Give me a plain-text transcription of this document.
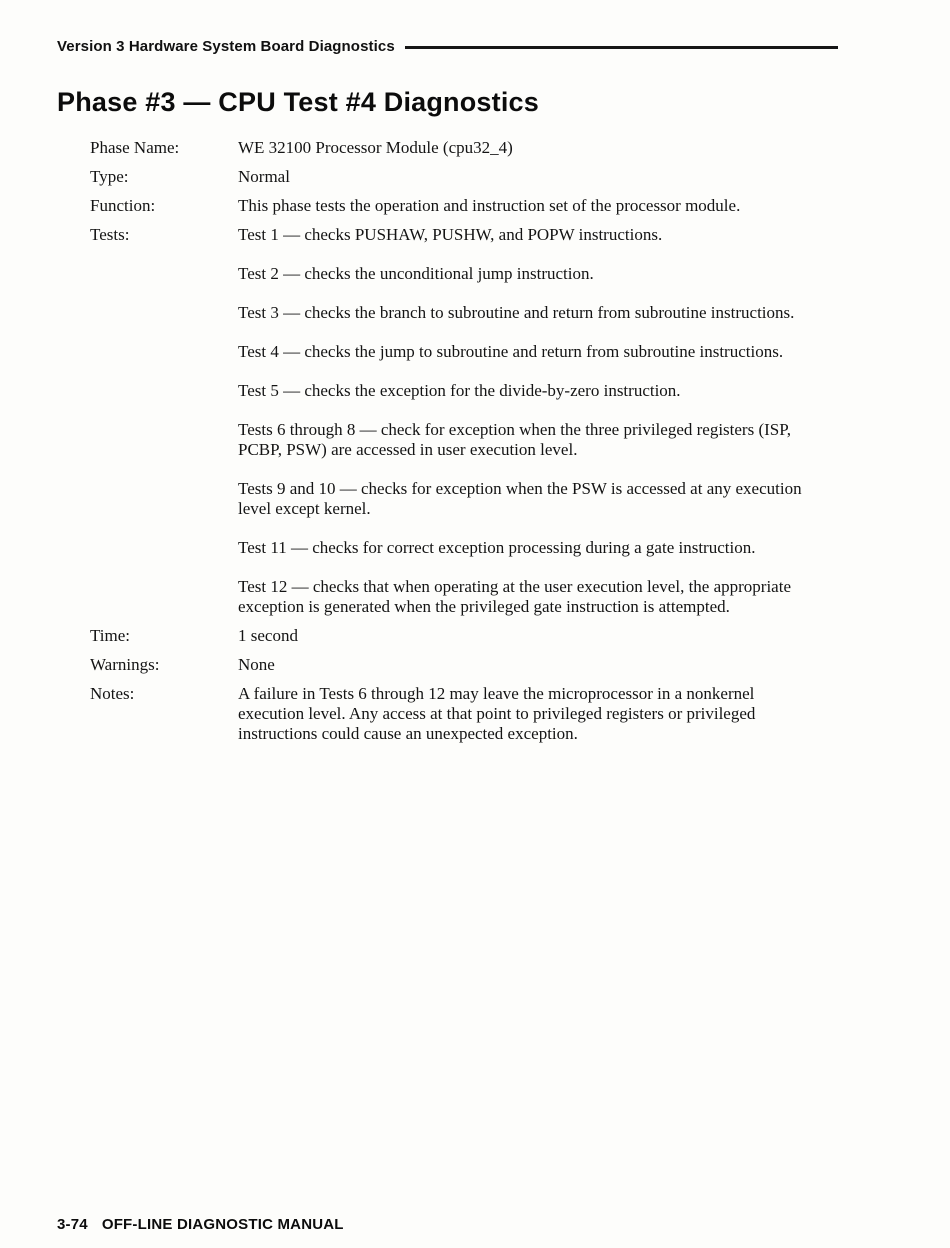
Version 3 Hardware System Board Diagnostics
Phase #3 — CPU Test #4 Diagnostics
Phase Name:	WE 32100 Processor Module (cpu32_4)

Type:	Normal

Function:	This phase tests the operation and instruction set of the processor module.

Tests:	Test 1 — checks PUSHAW, PUSHW, and POPW instructions.

Test 2 — checks the unconditional jump instruction.

Test 3 — checks the branch to subroutine and return from subroutine instructions.

Test 4 — checks the jump to subroutine and return from subroutine instructions.

Test 5 — checks the exception for the divide-by-zero instruction.

Tests 6 through 8 — check for exception when the three privileged registers (ISP, PCBP, PSW) are accessed in user execution level.

Tests 9 and 10 — checks for exception when the PSW is accessed at any execution level except kernel.

Test 11 — checks for correct exception processing during a gate instruction.

Test 12 — checks that when operating at the user execution level, the appropriate exception is generated when the privileged gate instruction is attempted.

Time:	1 second

Warnings:	None

Notes:	A failure in Tests 6 through 12 may leave the microprocessor in a nonkernel execution level. Any access at that point to privileged registers or privileged instructions could cause an unexpected exception.

3-74 OFF-LINE DIAGNOSTIC MANUAL
